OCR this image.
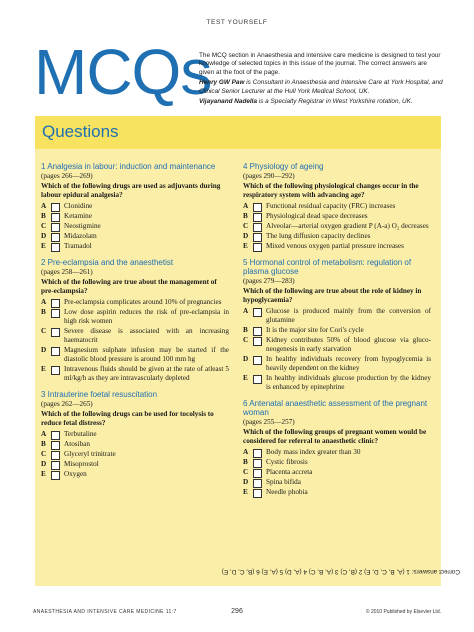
TEST YOURSELF
MCQs

The MCQ section in Anaesthesia and intensive care medicine is designed to test your knowledge of selected topics in this issue of the journal. The correct answers are given at the foot of the page.

Henry GW Paw is Consultant in Anaesthesia and Intensive Care at York Hospital, and Clinical Senior Lecturer at the Hull York Medical School, UK.

Vijayanand Nadella is a Specialty Registrar in West Yorkshire rotation, UK.

Questions
1 Analgesia in labour: induction and maintenance
(pages 266—269)
Which of the following drugs are used as adjuvants during labour epidural analgesia?
A	Clonidine
B	Ketamine
C	Neostigmine
D	Midazolam
E	Tramadol
2 Pre-eclampsia and the anaesthetist
(pages 258—261)
Which of the following are true about the management of pre-eclampsia?
A	Pre-eclampsia complicates around 10% of pregnancies
B	Low dose aspirin reduces the risk of pre-eclampsia in high risk women
C	Severe disease is associated with an increasing haematocrit
D	Magnesium sulphate infusion may be started if the diastolic blood pressure is around 100 mm hg
E	Intravenous fluids should be given at the rate of atleast 5 ml/kg/h as they are intravascularly depleted
3 Intrauterine foetal resuscitation
(pages 262—265)
Which of the following drugs can be used for tocolysis to reduce fetal distress?
A	Terbutaline
B	Atosiban
C	Glyceryl trinitrate
D	Misoprostol
E	Oxygen
4 Physiology of ageing
(pages 290—292)
Which of the following physiological changes occur in the respiratory system with advancing age?
A	Functional residual capacity (FRC) increases
B	Physiological dead space decreases
C	Alveolar—arterial oxygen gradient P (A-a) O₂ decreases
D	The lung diffusion capacity declines
E	Mixed venous oxygen partial pressure increases
5 Hormonal control of metabolism: regulation of plasma glucose
(pages 279—283)
Which of the following are true about the role of kidney in hypoglycaemia?
A	Glucose is produced mainly from the conversion of glutamine
B	It is the major site for Cori's cycle
C	Kidney contributes 50% of blood glucose via gluco-neogenesis in early starvation
D	In healthy individuals recovery from hypoglycemia is heavily dependent on the kidney
E	In healthy individuals glucose production by the kidney is enhanced by epinephrine
6 Antenatal anaesthetic assessment of the pregnant woman
(pages 255—257)
Which of the following groups of pregnant women would be considered for referral to anaesthetic clinic?
A	Body mass index greater than 30
B	Cystic fibrosis
C	Placenta accreta
D	Spina bifida
E	Needle phobia
Correct answers: 1 (A, B, C, D, E) 2 (B, C) 3 (A, B, C) 4 (A, D) 5 (A, E) 6 (B, C, D, E)
ANAESTHESIA AND INTENSIVE CARE MEDICINE 11:7	296	© 2010 Published by Elsevier Ltd.
